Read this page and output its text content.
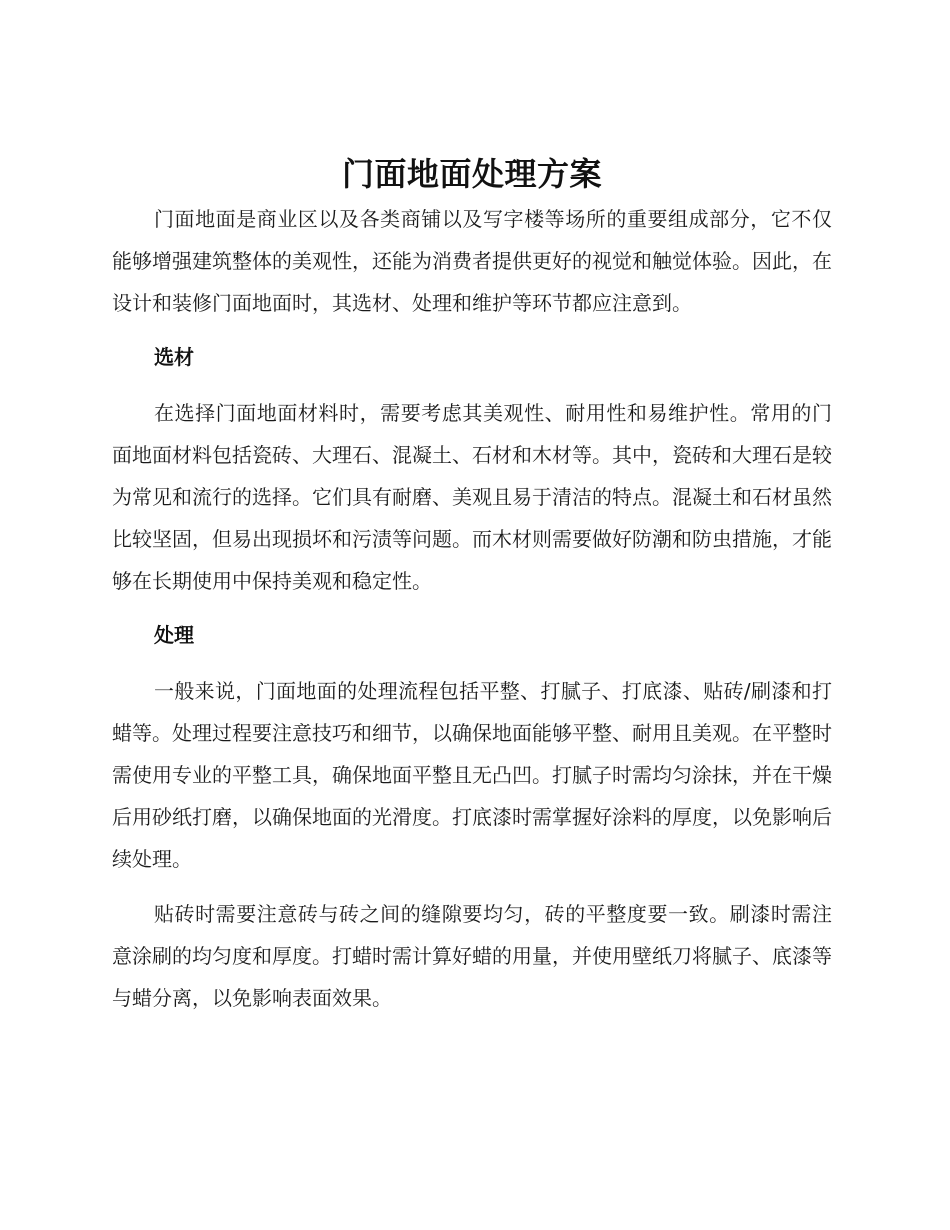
门面地面处理方案

门面地面是商业区以及各类商铺以及写字楼等场所的重要组成部分，它不仅能够增强建筑整体的美观性，还能为消费者提供更好的视觉和触觉体验。因此，在设计和装修门面地面时，其选材、处理和维护等环节都应注意到。

选材

在选择门面地面材料时，需要考虑其美观性、耐用性和易维护性。常用的门面地面材料包括瓷砖、大理石、混凝土、石材和木材等。其中，瓷砖和大理石是较为常见和流行的选择。它们具有耐磨、美观且易于清洁的特点。混凝土和石材虽然比较坚固，但易出现损坏和污渍等问题。而木材则需要做好防潮和防虫措施，才能够在长期使用中保持美观和稳定性。

处理

一般来说，门面地面的处理流程包括平整、打腻子、打底漆、贴砖/刷漆和打蜡等。处理过程要注意技巧和细节，以确保地面能够平整、耐用且美观。在平整时需使用专业的平整工具，确保地面平整且无凸凹。打腻子时需均匀涂抹，并在干燥后用砂纸打磨，以确保地面的光滑度。打底漆时需掌握好涂料的厚度，以免影响后续处理。

贴砖时需要注意砖与砖之间的缝隙要均匀，砖的平整度要一致。刷漆时需注意涂刷的均匀度和厚度。打蜡时需计算好蜡的用量，并使用壁纸刀将腻子、底漆等与蜡分离，以免影响表面效果。
